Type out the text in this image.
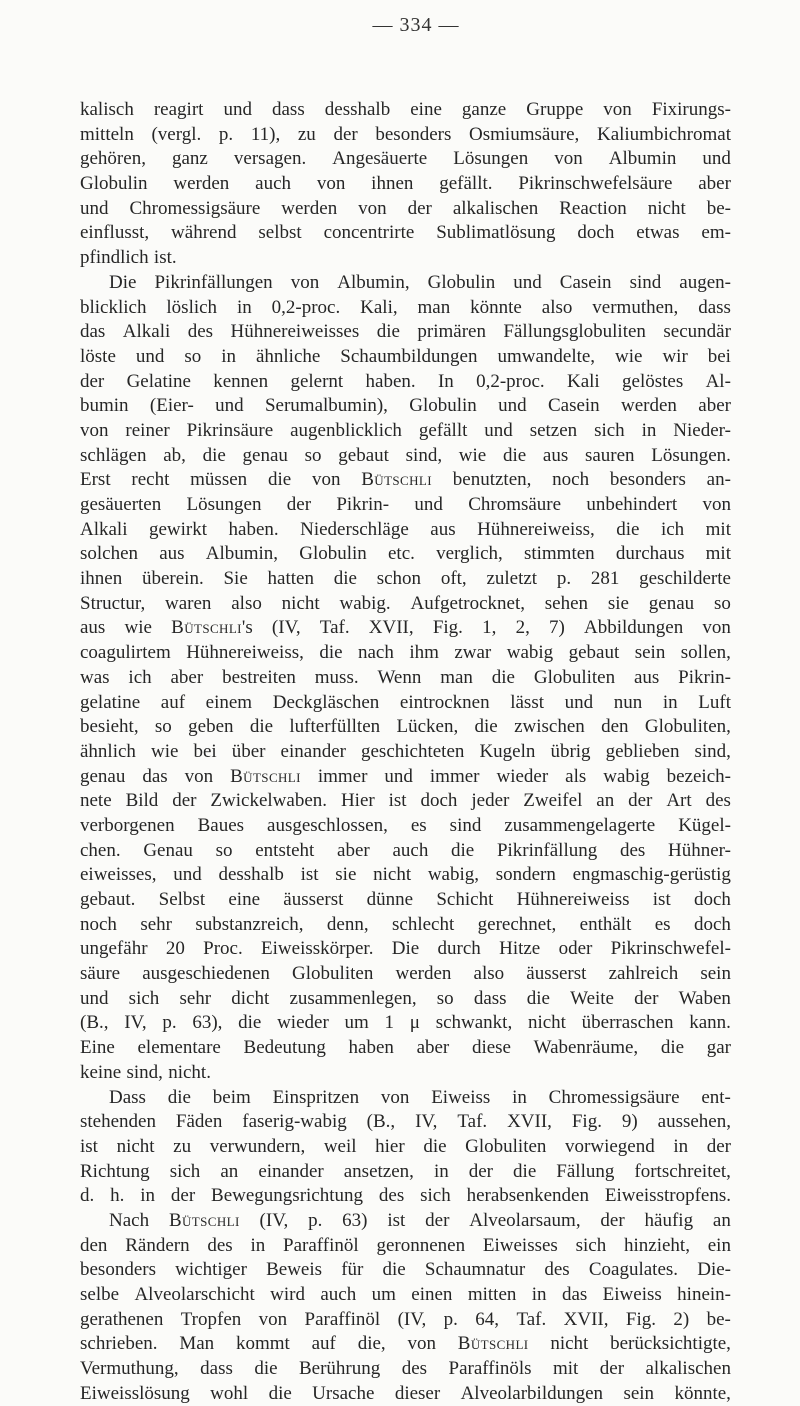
— 334 —
kalisch reagirt und dass desshalb eine ganze Gruppe von Fixirungs-
mitteln (vergl. p. 11), zu der besonders Osmiumsäure, Kaliumbichromat
gehören, ganz versagen. Angesäuerte Lösungen von Albumin und
Globulin werden auch von ihnen gefällt. Pikrinschwefelsäure aber
und Chromessigsäure werden von der alkalischen Reaction nicht be-
einflusst, während selbst concentrirte Sublimatlösung doch etwas em-
pfindlich ist.
Die Pikrinfällungen von Albumin, Globulin und Casein sind augen-
blicklich löslich in 0,2-proc. Kali, man könnte also vermuthen, dass
das Alkali des Hühnereiweisses die primären Fällungsglobuliten secundär
löste und so in ähnliche Schaumbildungen umwandelte, wie wir bei
der Gelatine kennen gelernt haben. In 0,2-proc. Kali gelöstes Al-
bumin (Eier- und Serumalbumin), Globulin und Casein werden aber
von reiner Pikrinsäure augenblicklich gefällt und setzen sich in Nieder-
schlägen ab, die genau so gebaut sind, wie die aus sauren Lösungen.
Erst recht müssen die von Bütschli benutzten, noch besonders an-
gesäuerten Lösungen der Pikrin- und Chromsäure unbehindert von
Alkali gewirkt haben. Niederschläge aus Hühnereiweiss, die ich mit
solchen aus Albumin, Globulin etc. verglich, stimmten durchaus mit
ihnen überein. Sie hatten die schon oft, zuletzt p. 281 geschilderte
Structur, waren also nicht wabig. Aufgetrocknet, sehen sie genau so
aus wie Bütschli's (IV, Taf. XVII, Fig. 1, 2, 7) Abbildungen von
coagulirtem Hühnereiweiss, die nach ihm zwar wabig gebaut sein sollen,
was ich aber bestreiten muss. Wenn man die Globuliten aus Pikrin-
gelatine auf einem Deckgläschen eintrocknen lässt und nun in Luft
besieht, so geben die lufterfüllten Lücken, die zwischen den Globuliten,
ähnlich wie bei über einander geschichteten Kugeln übrig geblieben sind,
genau das von Bütschli immer und immer wieder als wabig bezeich-
nete Bild der Zwickelwaben. Hier ist doch jeder Zweifel an der Art des
verborgenen Baues ausgeschlossen, es sind zusammengelagerte Kügel-
chen. Genau so entsteht aber auch die Pikrinfällung des Hühner-
eiweisses, und desshalb ist sie nicht wabig, sondern engmaschig-gerüstig
gebaut. Selbst eine äusserst dünne Schicht Hühnereiweiss ist doch
noch sehr substanzreich, denn, schlecht gerechnet, enthält es doch
ungefähr 20 Proc. Eiweisskörper. Die durch Hitze oder Pikrinschwefel-
säure ausgeschiedenen Globuliten werden also äusserst zahlreich sein
und sich sehr dicht zusammenlegen, so dass die Weite der Waben
(B., IV, p. 63), die wieder um 1 μ schwankt, nicht überraschen kann.
Eine elementare Bedeutung haben aber diese Wabenräume, die gar
keine sind, nicht.
Dass die beim Einspritzen von Eiweiss in Chromessigsäure ent-
stehenden Fäden faserig-wabig (B., IV, Taf. XVII, Fig. 9) aussehen,
ist nicht zu verwundern, weil hier die Globuliten vorwiegend in der
Richtung sich an einander ansetzen, in der die Fällung fortschreitet,
d. h. in der Bewegungsrichtung des sich herabsenkenden Eiweisstropfens.
Nach Bütschli (IV, p. 63) ist der Alveolarsaum, der häufig an
den Rändern des in Paraffinöl geronnenen Eiweisses sich hinzieht, ein
besonders wichtiger Beweis für die Schaumnatur des Coagulates. Die-
selbe Alveolarschicht wird auch um einen mitten in das Eiweiss hinein-
gerathenen Tropfen von Paraffinöl (IV, p. 64, Taf. XVII, Fig. 2) be-
schrieben. Man kommt auf die, von Bütschli nicht berücksichtigte,
Vermuthung, dass die Berührung des Paraffinöls mit der alkalischen
Eiweisslösung wohl die Ursache dieser Alveolarbildungen sein könnte,
